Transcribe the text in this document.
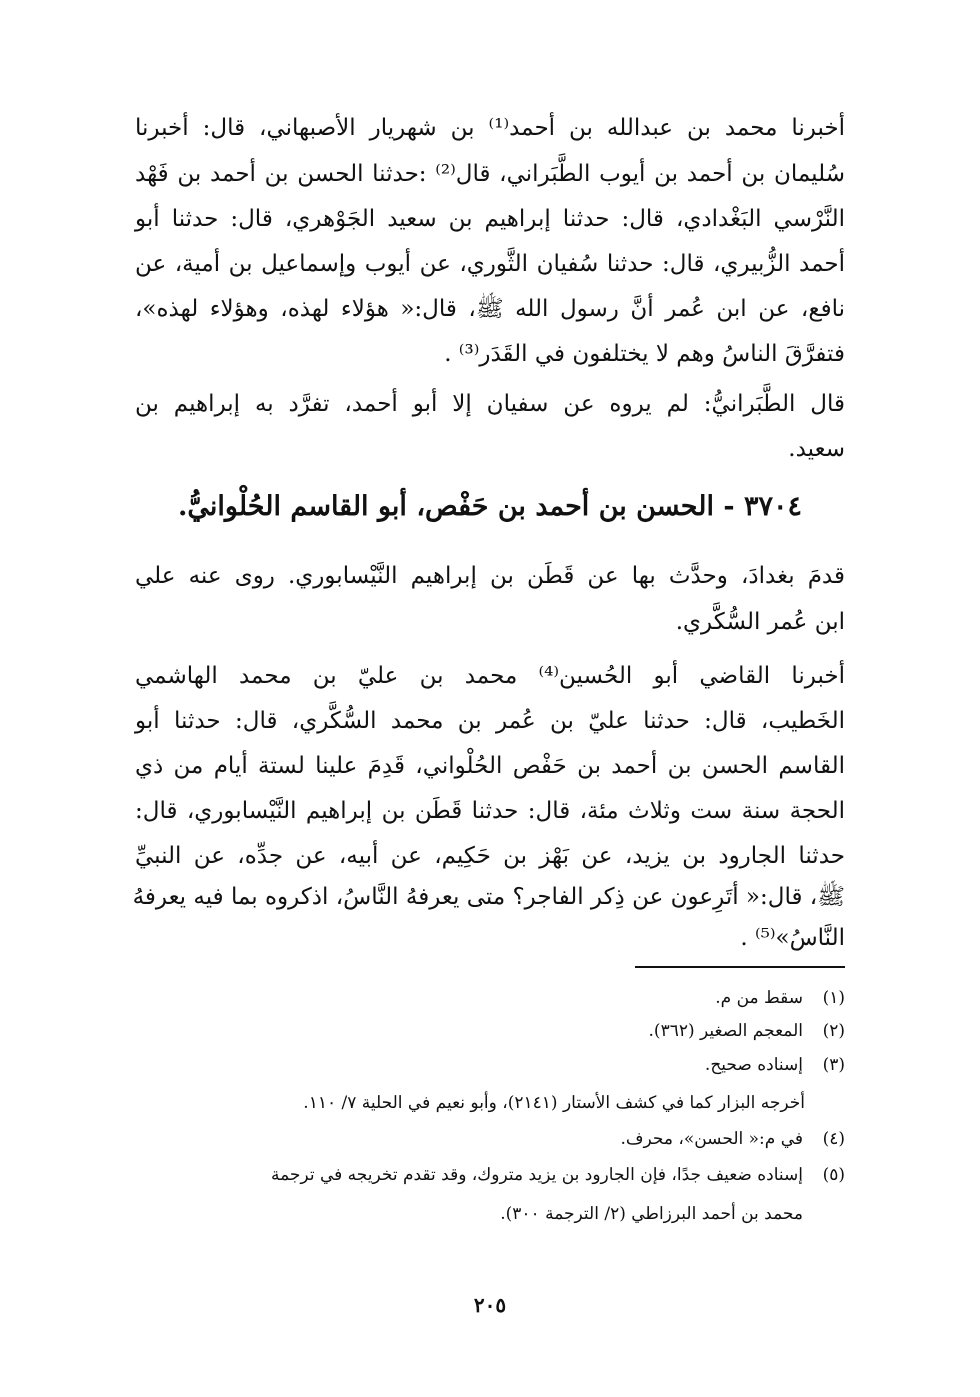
أخبرنا محمد بن عبدالله بن أحمد⁽¹⁾ بن شهريار الأصبهاني، قال: أخبرنا
سُليمان بن أحمد بن أيوب الطَّبَراني، قال⁽²⁾ :حدثنا الحسن بن أحمد بن فَهْد
النَّرْسي البَغْدادي، قال: حدثنا إبراهيم بن سعيد الجَوْهري، قال: حدثنا أبو
أحمد الزُّبيري، قال: حدثنا سُفيان الثَّوري، عن أيوب وإسماعيل بن أمية، عن
نافع، عن ابن عُمر أنَّ رسول الله ﷺ، قال:« هؤلاء لهذه، وهؤلاء لهذه»،
فتفرَّقَ الناسُ وهم لا يختلفون في القَدَر⁽³⁾ .
قال الطَّبَرانيُّ: لم يروه عن سفيان إلا أبو أحمد، تفرَّد به إبراهيم بن
سعيد.
٣٧٠٤ - الحسن بن أحمد بن حَفْص، أبو القاسم الحُلْوانيُّ.
قدمَ بغدادَ، وحدَّث بها عن قَطَن بن إبراهيم النَّيْسابوري. روى عنه علي
ابن عُمر السُّكَّري.
أخبرنا القاضي أبو الحُسين⁽⁴⁾ محمد بن عليّ بن محمد الهاشمي
الخَطيب، قال: حدثنا عليّ بن عُمر بن محمد السُّكَّري، قال: حدثنا أبو
القاسم الحسن بن أحمد بن حَفْص الحُلْواني، قَدِمَ علينا لستة أيام من ذي
الحجة سنة ست وثلاث مئة، قال: حدثنا قَطَن بن إبراهيم النَّيْسابوري، قال:
حدثنا الجارود بن يزيد، عن بَهْز بن حَكِيم، عن أبيه، عن جدِّه، عن النبيِّ
ﷺ، قال:« أتَرِعون عن ذِكر الفاجر؟ متى يعرفهُ النَّاسُ، اذكروه بما فيه يعرفهُ
النَّاسُ»⁽⁵⁾ .
(١)سقط من م.
(٢)المعجم الصغير (٣٦٢).
(٣)إسناده صحيح.
أخرجه البزار كما في كشف الأستار (٢١٤١)، وأبو نعيم في الحلية ٧/ ١١٠.
(٤)في م:« الحسن»، محرف.
(٥)إسناده ضعيف جدًا، فإن الجارود بن يزيد متروك، وقد تقدم تخريجه في ترجمة
محمد بن أحمد البرزاطي (٢/ الترجمة ٣٠٠).
٢٠٥
